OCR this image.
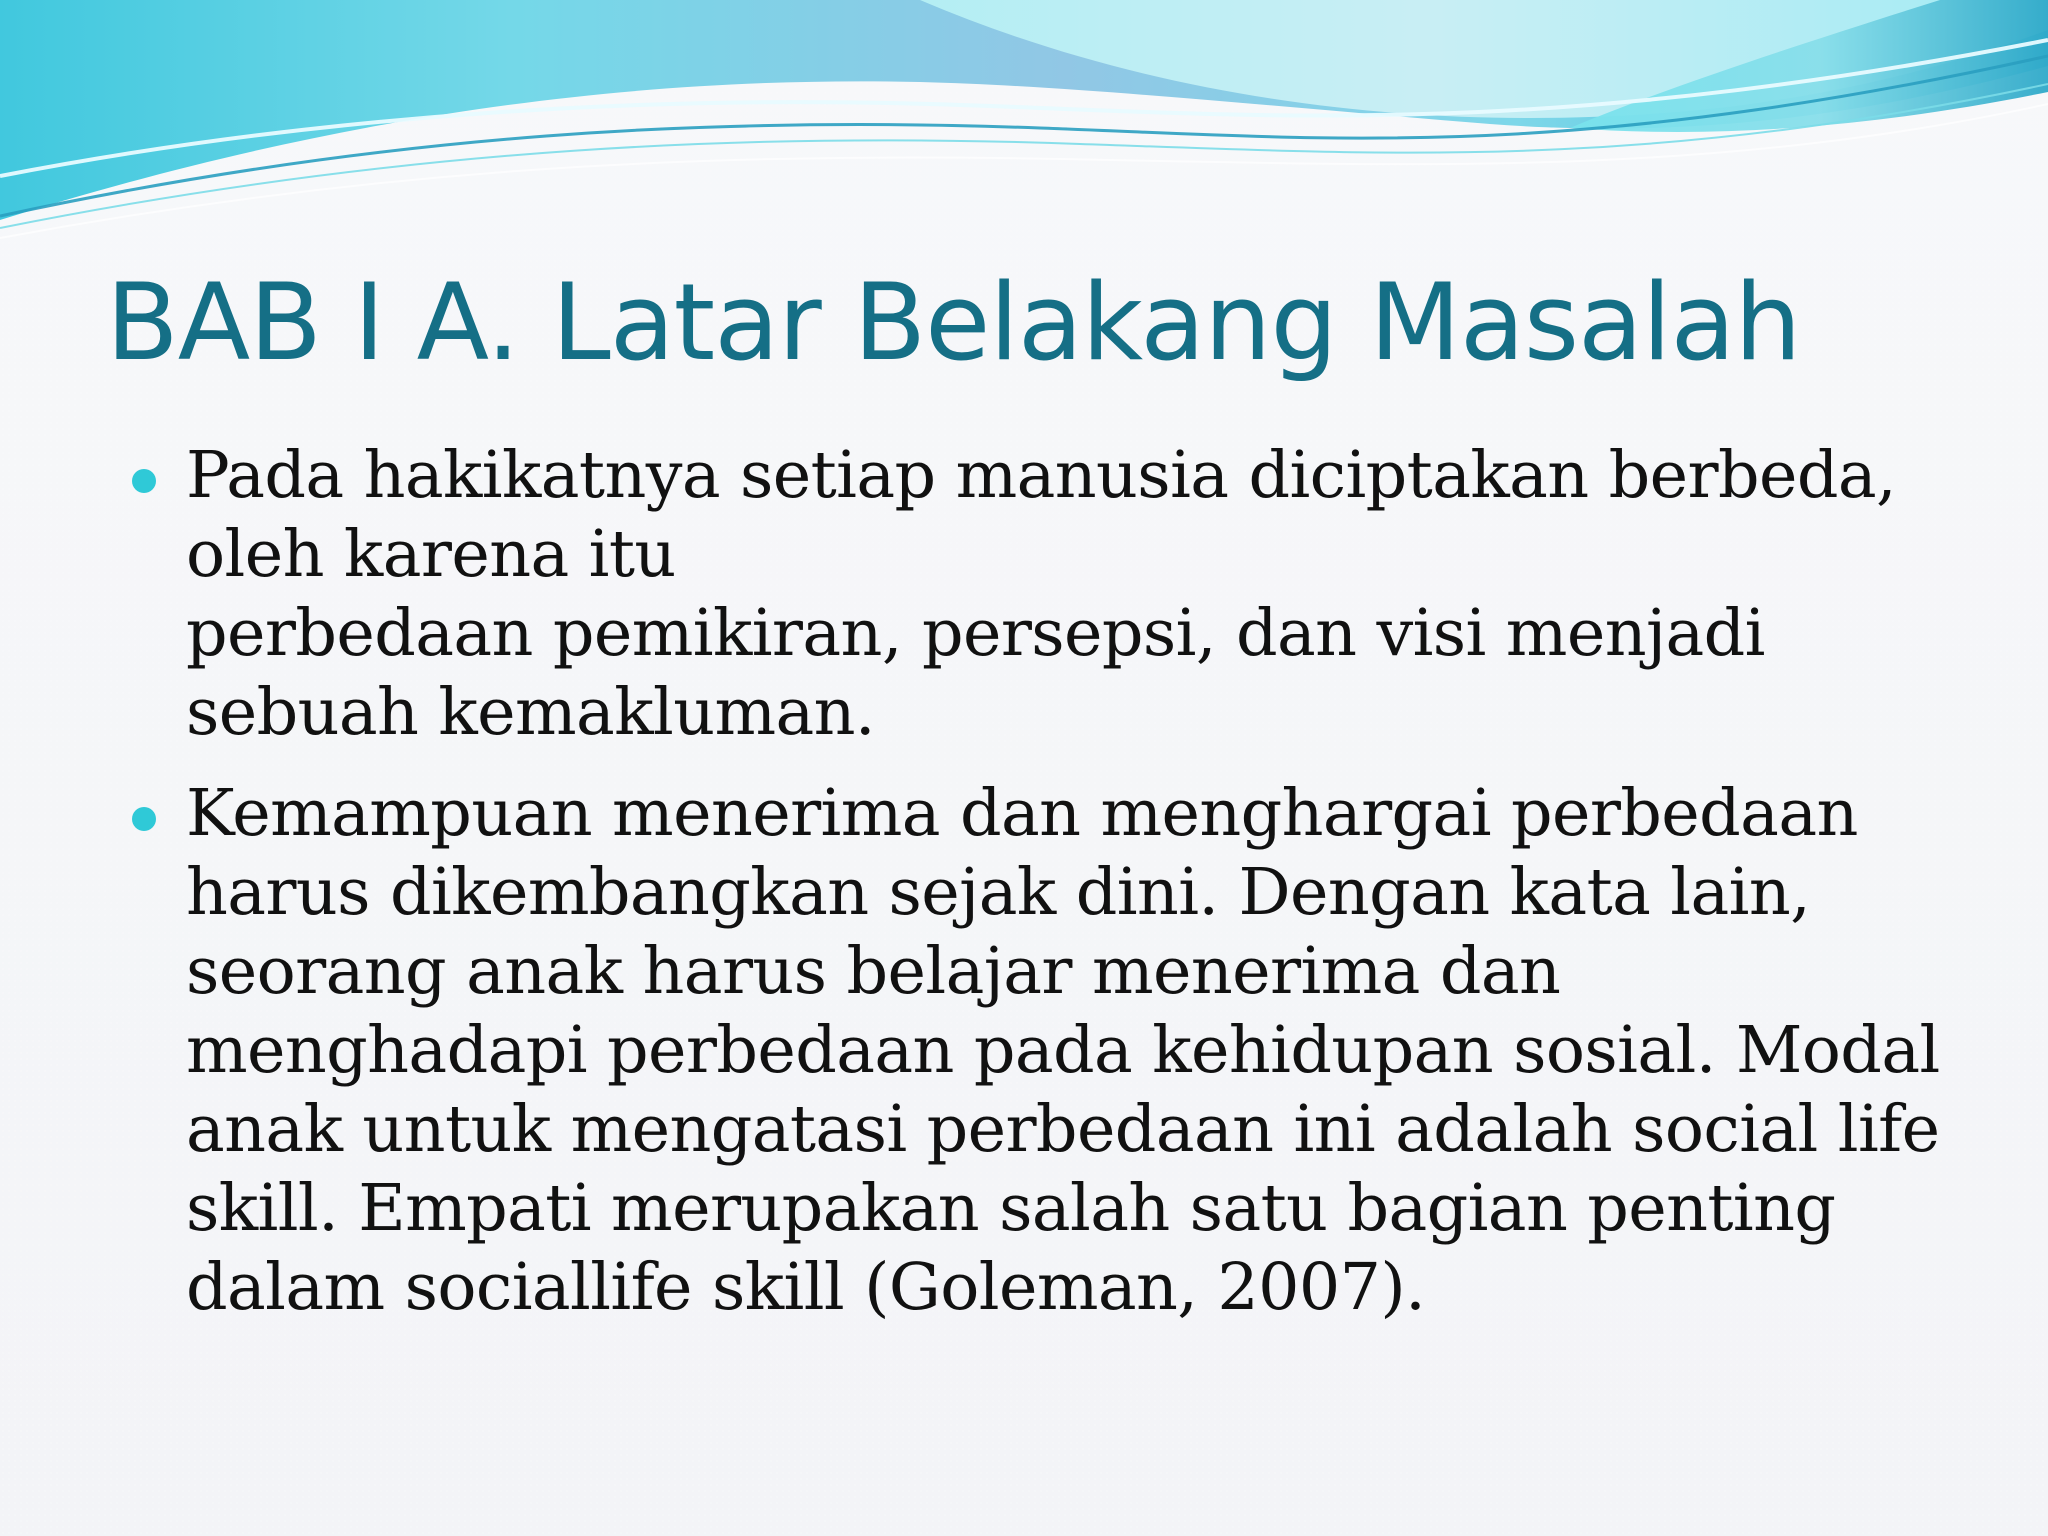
BAB I A. Latar Belakang Masalah
Pada hakikatnya setiap manusia diciptakan berbeda,
oleh karena itu
perbedaan pemikiran, persepsi, dan visi menjadi
sebuah kemakluman.
Kemampuan menerima dan menghargai perbedaan
harus dikembangkan sejak dini. Dengan kata lain,
seorang anak harus belajar menerima dan
menghadapi perbedaan pada kehidupan sosial. Modal
anak untuk mengatasi perbedaan ini adalah social life
skill. Empati merupakan salah satu bagian penting
dalam sociallife skill (Goleman, 2007).
